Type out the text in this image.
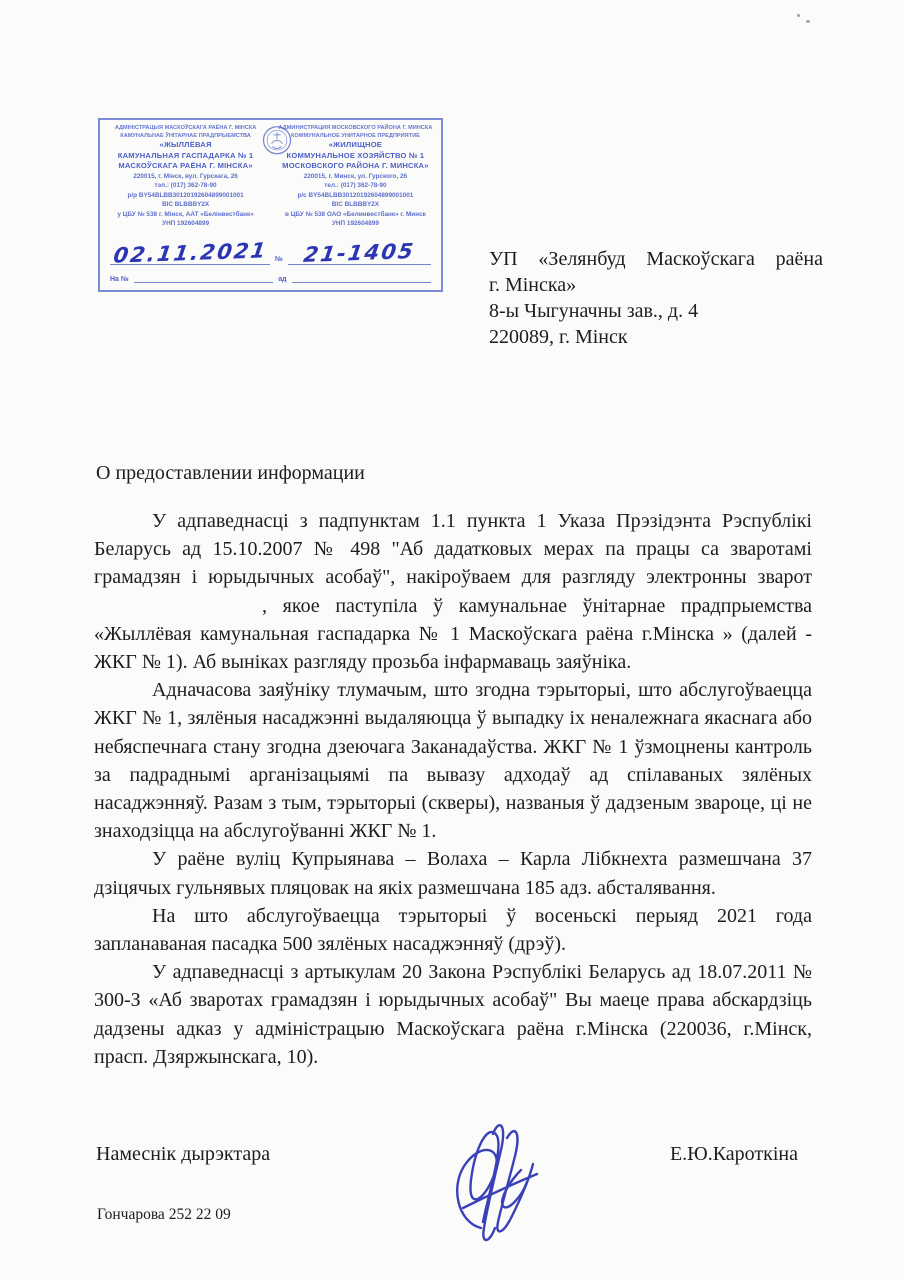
АДМІНІСТРАЦЫЯ МАСКОЎСКАГА РАЁНА Г. МІНСКА
КАМУНАЛЬНАЕ ЎНІТАРНАЕ ПРАДПРЫЕМСТВА
«ЖЫЛЛЁВАЯ
КАМУНАЛЬНАЯ ГАСПАДАРКА № 1
МАСКОЎСКАГА РАЁНА Г. МІНСКА»
220015, г. Мінск, вул. Гурскага, 26
тэл.: (017) 362-78-90
р/р BY54BLBB30120192604899001001
BIC BLBBBY2X
у ЦБУ № 538 г. Мінск, ААТ «Белінвестбанк»
УНП 192604899
АДМИНИСТРАЦИЯ МОСКОВСКОГО РАЙОНА Г. МИНСКА
КОММУНАЛЬНОЕ УНИТАРНОЕ ПРЕДПРИЯТИЕ
«ЖИЛИЩНОЕ
КОММУНАЛЬНОЕ ХОЗЯЙСТВО № 1
МОСКОВСКОГО РАЙОНА Г. МИНСКА»
220015, г. Минск, ул. Гурского, 26
тел.: (017) 362-78-90
р/с BY54BLBB30120192604899001001
BIC BLBBBY2X
в ЦБУ № 538 ОАО «Белинвестбанк» г. Минск
УНП 192604899
02.11.2021 № 21-1405
На №	ад
УП «Зелянбуд Маскоўскага раёна
г. Мінска»
8-ы Чыгуначны зав., д. 4
220089, г. Мінск
О предоставлении информации

У адпаведнасці з падпунктам 1.1 пункта 1 Указа Прэзідэнта Рэспублікі Беларусь ад 15.10.2007 № 498 "Аб дадатковых мерах па працы са зваротамі грамадзян і юрыдычных асобаў", накіроўваем для разгляду электронны зварот, якое паступіла ў камунальнае ўнітарнае прадпрыемства «Жыллёвая камунальная гаспадарка № 1 Маскоўскага раёна г.Мінска » (далей - ЖКГ № 1). Аб выніках разгляду прозьба інфармаваць заяўніка.

Адначасова заяўніку тлумачым, што згодна тэрыторыі, што абслугоўваецца ЖКГ № 1, зялёныя насаджэнні выдаляюцца ў выпадку іх неналежнага якаснага або небяспечнага стану згодна дзеючага Заканадаўства. ЖКГ № 1 ўзмоцнены кантроль за падраднымі арганізацыямі па вывазу адходаў ад спілаваных зялёных насаджэнняў. Разам з тым, тэрыторыі (скверы), названыя ў дадзеным звароце, ці не знаходзіцца на абслугоўванні ЖКГ № 1.

У раёне вуліц Купрыянава – Волаха – Карла Лібкнехта размешчана 37 дзіцячых гульнявых пляцовак на якіх размешчана 185 адз. абсталявання.

На што абслугоўваецца тэрыторыі ў восеньскі перыяд 2021 года запланаваная пасадка 500 зялёных насаджэнняў (дрэў).

У адпаведнасці з артыкулам 20 Закона Рэспублікі Беларусь ад 18.07.2011 № 300-З «Аб зваротах грамадзян і юрыдычных асобаў" Вы маеце права абскардзіць дадзены адказ у адміністрацыю Маскоўскага раёна г.Мінска (220036, г.Мінск, прасп. Дзяржынскага, 10).

Намеснік дырэктара	Е.Ю.Кароткіна
Гончарова 252 22 09
